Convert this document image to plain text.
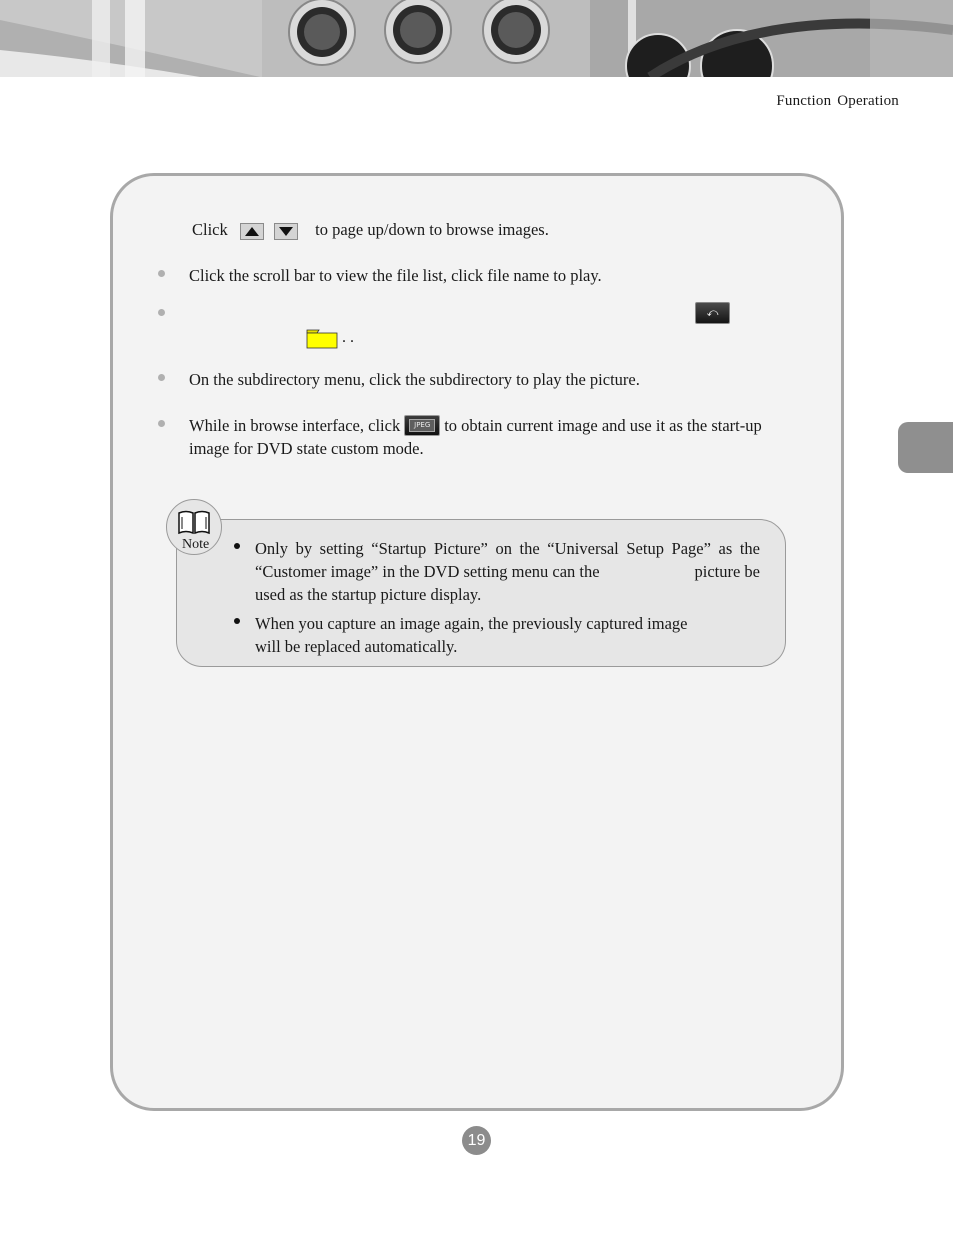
Function Operation
Click
	to page up/down to browse images.
Click the scroll bar to view the file list, click file name to play.
⤺
. .
On the subdirectory menu, click the subdirectory to play the picture.
While in browse interface, click	JPEG to obtain current image and use it as the start-up
image for DVD state custom mode.
Note	Only by setting “Startup Picture” on the “Universal Setup Page” as the
“Customer image” in the DVD setting menu can the	picture be
used as the startup picture display.
When you capture an image again, the previously captured image
will be replaced automatically.
19
